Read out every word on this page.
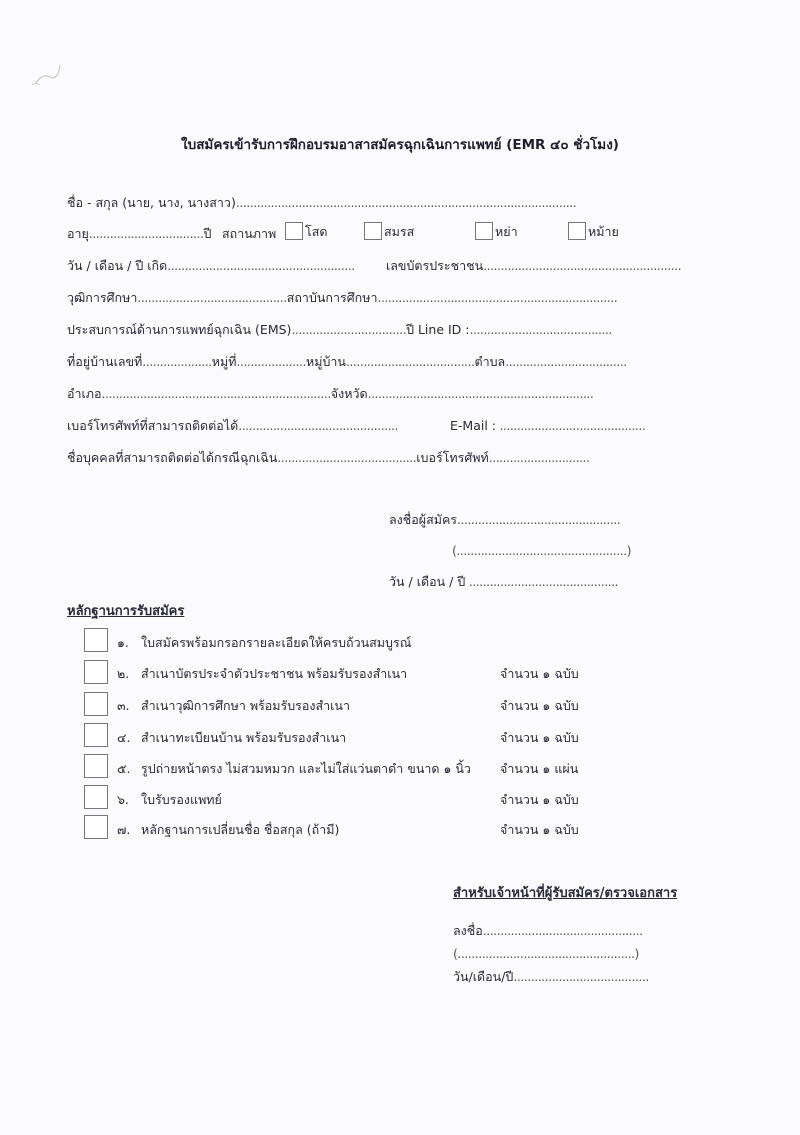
ใบสมัครเข้ารับการฝึกอบรมอาสาสมัครฉุกเฉินการแพทย์ (EMR ๔๐ ชั่วโมง)
ชื่อ - สกุล (นาย, นาง, นางสาว)..................................................................................................
อายุ.................................ปี สถานภาพ	โสด	สมรส	หย่า	หม้าย
วัน / เดือน / ปี เกิด...................................................... เลขบัตรประชาชน.........................................................
วุฒิการศึกษา...........................................สถาบันการศึกษา.....................................................................
ประสบการณ์ด้านการแพทย์ฉุกเฉิน (EMS).................................ปี Line ID :.........................................
ที่อยู่บ้านเลขที่....................หมู่ที่....................หมู่บ้าน.....................................ตำบล...................................
อำเภอ..................................................................จังหวัด.................................................................
เบอร์โทรศัพท์ที่สามารถติดต่อได้..............................................	E-Mail : ..........................................
ชื่อบุคคลที่สามารถติดต่อได้กรณีฉุกเฉิน........................................เบอร์โทรศัพท์.............................
ลงชื่อผู้สมัคร...............................................
(.................................................)
วัน / เดือน / ปี ...........................................
หลักฐานการรับสมัคร
๑. ใบสมัครพร้อมกรอกรายละเอียดให้ครบถ้วนสมบูรณ์
๒. สำเนาบัตรประจำตัวประชาชน พร้อมรับรองสำเนา	จำนวน ๑ ฉบับ
๓. สำเนาวุฒิการศึกษา พร้อมรับรองสำเนา	จำนวน ๑ ฉบับ
๔. สำเนาทะเบียนบ้าน พร้อมรับรองสำเนา	จำนวน ๑ ฉบับ
๕. รูปถ่ายหน้าตรง ไม่สวมหมวก และไม่ใส่แว่นตาดำ ขนาด ๑ นิ้ว จำนวน ๑ แผ่น
๖. ใบรับรองแพทย์	จำนวน ๑ ฉบับ
๗. หลักฐานการเปลี่ยนชื่อ ชื่อสกุล (ถ้ามี)	จำนวน ๑ ฉบับ
สำหรับเจ้าหน้าที่ผู้รับสมัคร/ตรวจเอกสาร
ลงชื่อ..............................................
(...................................................)
วัน/เดือน/ปี.......................................
